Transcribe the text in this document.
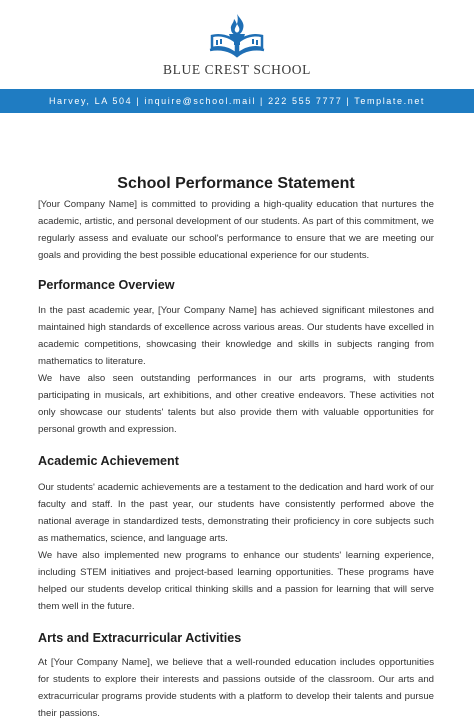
BLUE CREST SCHOOL
Harvey, LA 504 | inquire@school.mail | 222 555 7777 | Template.net
School Performance Statement

[Your Company Name] is committed to providing a high-quality education that nurtures the academic, artistic, and personal development of our students. As part of this commitment, we regularly assess and evaluate our school's performance to ensure that we are meeting our goals and providing the best possible educational experience for our students.

Performance Overview

In the past academic year, [Your Company Name] has achieved significant milestones and maintained high standards of excellence across various areas. Our students have excelled in academic competitions, showcasing their knowledge and skills in subjects ranging from mathematics to literature.

We have also seen outstanding performances in our arts programs, with students participating in musicals, art exhibitions, and other creative endeavors. These activities not only showcase our students' talents but also provide them with valuable opportunities for personal growth and expression.

Academic Achievement

Our students' academic achievements are a testament to the dedication and hard work of our faculty and staff. In the past year, our students have consistently performed above the national average in standardized tests, demonstrating their proficiency in core subjects such as mathematics, science, and language arts.

We have also implemented new programs to enhance our students' learning experience, including STEM initiatives and project-based learning opportunities. These programs have helped our students develop critical thinking skills and a passion for learning that will serve them well in the future.

Arts and Extracurricular Activities

At [Your Company Name], we believe that a well-rounded education includes opportunities for students to explore their interests and passions outside of the classroom. Our arts and extracurricular programs provide students with a platform to develop their talents and pursue their passions.
